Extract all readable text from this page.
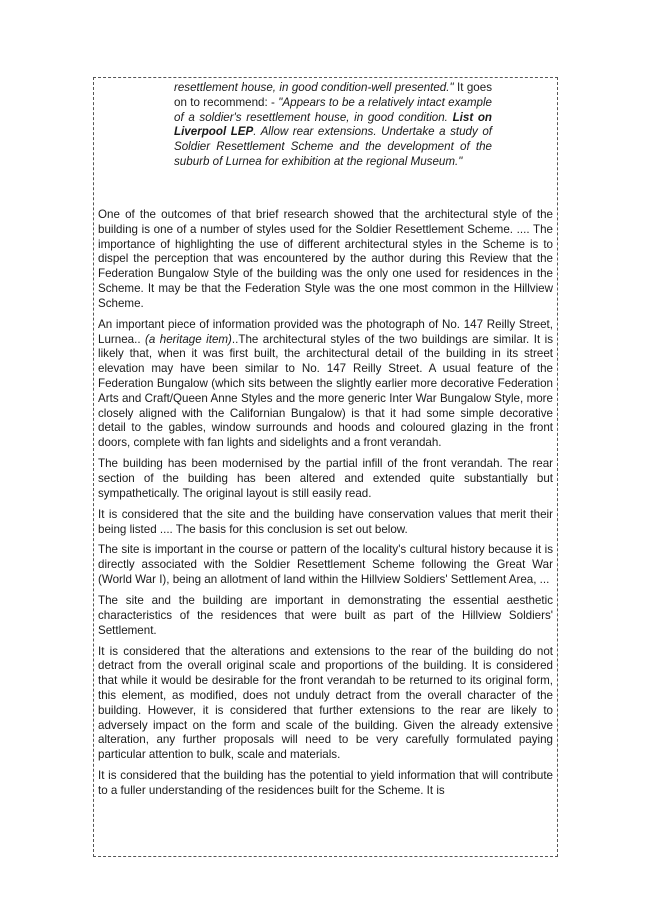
resettlement house, in good condition-well presented." It goes on to recommend: - "Appears to be a relatively intact example of a soldier's resettlement house, in good condition. List on Liverpool LEP. Allow rear extensions. Undertake a study of Soldier Resettlement Scheme and the development of the suburb of Lurnea for exhibition at the regional Museum."

One of the outcomes of that brief research showed that the architectural style of the building is one of a number of styles used for the Soldier Resettlement Scheme. .... The importance of highlighting the use of different architectural styles in the Scheme is to dispel the perception that was encountered by the author during this Review that the Federation Bungalow Style of the building was the only one used for residences in the Scheme. It may be that the Federation Style was the one most common in the Hillview Scheme.

An important piece of information provided was the photograph of No. 147 Reilly Street, Lurnea.. (a heritage item)..The architectural styles of the two buildings are similar. It is likely that, when it was first built, the architectural detail of the building in its street elevation may have been similar to No. 147 Reilly Street. A usual feature of the Federation Bungalow (which sits between the slightly earlier more decorative Federation Arts and Craft/Queen Anne Styles and the more generic Inter War Bungalow Style, more closely aligned with the Californian Bungalow) is that it had some simple decorative detail to the gables, window surrounds and hoods and coloured glazing in the front doors, complete with fan lights and sidelights and a front verandah.

The building has been modernised by the partial infill of the front verandah. The rear section of the building has been altered and extended quite substantially but sympathetically. The original layout is still easily read.

It is considered that the site and the building have conservation values that merit their being listed .... The basis for this conclusion is set out below.

The site is important in the course or pattern of the locality's cultural history because it is directly associated with the Soldier Resettlement Scheme following the Great War (World War I), being an allotment of land within the Hillview Soldiers' Settlement Area, ...

The site and the building are important in demonstrating the essential aesthetic characteristics of the residences that were built as part of the Hillview Soldiers' Settlement.

It is considered that the alterations and extensions to the rear of the building do not detract from the overall original scale and proportions of the building. It is considered that while it would be desirable for the front verandah to be returned to its original form, this element, as modified, does not unduly detract from the overall character of the building. However, it is considered that further extensions to the rear are likely to adversely impact on the form and scale of the building. Given the already extensive alteration, any further proposals will need to be very carefully formulated paying particular attention to bulk, scale and materials.

It is considered that the building has the potential to yield information that will contribute to a fuller understanding of the residences built for the Scheme. It is
